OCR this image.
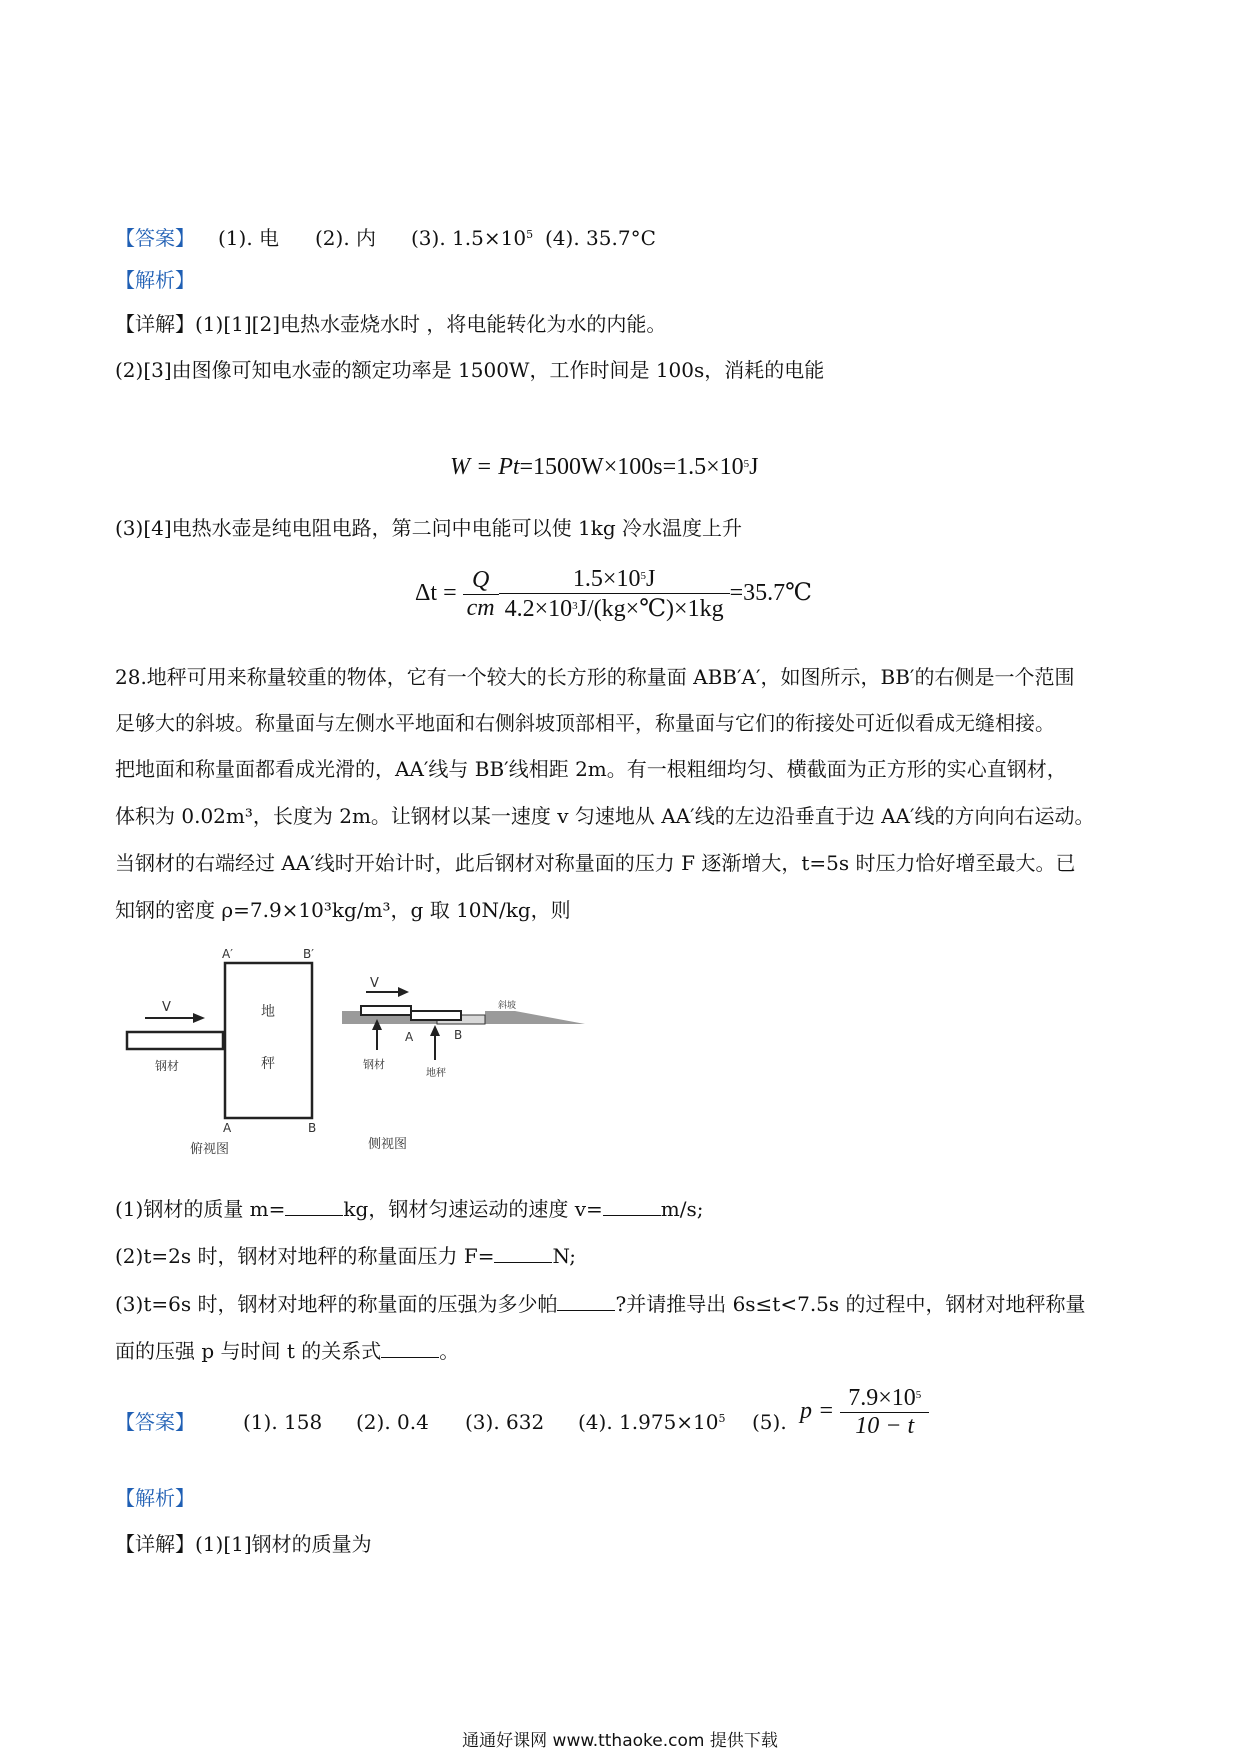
【答案】 (1). 电 (2). 内 (3). $1.5\times 10^5$ (4). 35.7°C
【解析】
【详解】(1)[1][2]电热水壶烧水时 ，将电能转化为水的内能。
(2)[3]由图像可知电水壶的额定功率是 1500W，工作时间是 100s，消耗的电能
$W = Pt=1500W\times 100s=1.5\times 10^5J$
(3)[4]电热水壶是纯电阻电路，第二问中电能可以使 1kg 冷水温度上升
$\Delta t = \frac{Q}{cm} \frac{1.5\times 10^5J}{4.2\times 10^3J/(kg\times℃)\times 1kg}$ =35.7℃
28.地秤可用来称量较重的物体，它有一个较大的长方形的称量面 ABB′A′，如图所示，BB′的右侧是一个范围
足够大的斜坡。称量面与左侧水平地面和右侧斜坡顶部相平，称量面与它们的衔接处可近似看成无缝相接。
把地面和称量面都看成光滑的，AA′线与 BB′线相距 2m。有一根粗细均匀、横截面为正方形的实心直钢材，
体积为 0.02m³，长度为 2m。让钢材以某一速度 v 匀速地从 AA′线的左边沿垂直于边 AA′线的方向向右运动。
当钢材的右端经过 AA′线时开始计时，此后钢材对称量面的压力 F 逐渐增大，t=5s 时压力恰好增至最大。已
知钢的密度 ρ=7.9×10³kg/m³，g 取 10N/kg，则
V
钢材
地
秤
A′	B′
A	B
俯视图
V
钢材
A	B
地秤
斜坡
侧视图
(1)钢材的质量 m=	kg，钢材匀速运动的速度 v=	m/s;
(2)t=2s 时，钢材对地秤的称量面压力 F=	N;
(3)t=6s 时，钢材对地秤的称量面的压强为多少帕	?并请推导出 6s≤t<7.5s 的过程中，钢材对地秤称量
面的压强 p 与时间 t 的关系式	。
【答案】 (1). 158 (2). 0.4 (3). 632 (4). $1.975\times 10^5$ (5). $p = \frac{7.9\times 10^5}{10 - t}$
【解析】
【详解】(1)[1]钢材的质量为
通通好课网 www.tthaoke.com 提供下载
